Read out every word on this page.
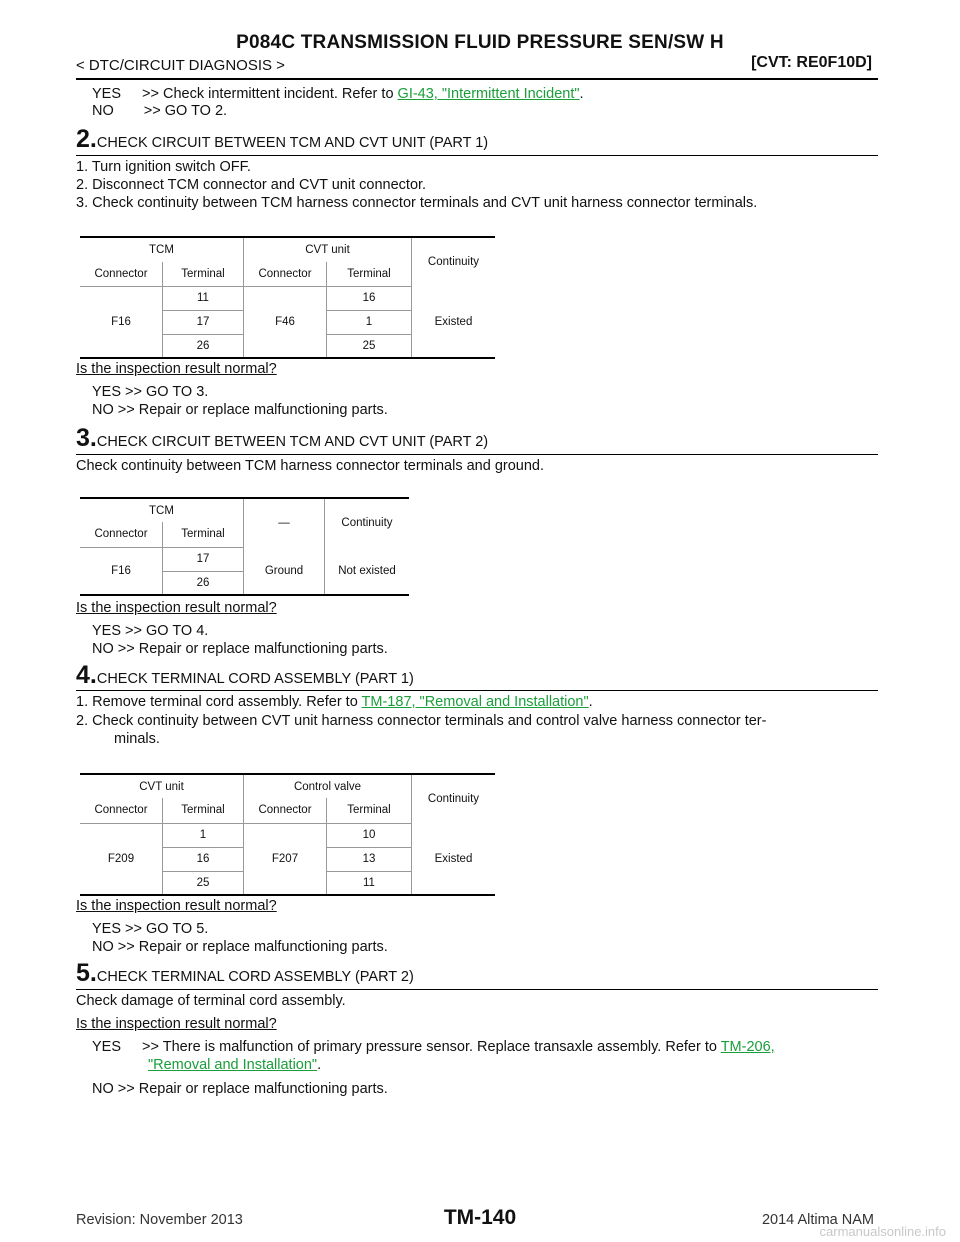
P084C TRANSMISSION FLUID PRESSURE SEN/SW H
< DTC/CIRCUIT DIAGNOSIS >	[CVT: RE0F10D]
YES >> Check intermittent incident. Refer to GI-43, "Intermittent Incident".
NO >> GO TO 2.
2.CHECK CIRCUIT BETWEEN TCM AND CVT UNIT (PART 1)
1. Turn ignition switch OFF.
2. Disconnect TCM connector and CVT unit connector.
3. Check continuity between TCM harness connector terminals and CVT unit harness connector terminals.
TCM		CVT unit		Continuity
Connector	Terminal	Connector	Terminal	
F16	11	F46	16	Existed
	17		1	
	26		25	
Is the inspection result normal?
YES >> GO TO 3.
NO >> Repair or replace malfunctioning parts.
3.CHECK CIRCUIT BETWEEN TCM AND CVT UNIT (PART 2)
Check continuity between TCM harness connector terminals and ground.
TCM		—	Continuity
Connector	Terminal		
F16	17	Ground	Not existed
	26		
Is the inspection result normal?
YES >> GO TO 4.
NO >> Repair or replace malfunctioning parts.
4.CHECK TERMINAL CORD ASSEMBLY (PART 1)
1. Remove terminal cord assembly. Refer to TM-187, "Removal and Installation".
2. Check continuity between CVT unit harness connector terminals and control valve harness connector ter-
minals.
CVT unit		Control valve		Continuity
Connector	Terminal	Connector	Terminal	
F209	1	F207	10	Existed
	16		13	
	25		11	
Is the inspection result normal?
YES >> GO TO 5.
NO >> Repair or replace malfunctioning parts.
5.CHECK TERMINAL CORD ASSEMBLY (PART 2)
Check damage of terminal cord assembly.
Is the inspection result normal?
YES >> There is malfunction of primary pressure sensor. Replace transaxle assembly. Refer to TM-206,
"Removal and Installation".
NO >> Repair or replace malfunctioning parts.
Revision: November 2013	TM-140	2014 Altima NAM
carmanualsonline.info
